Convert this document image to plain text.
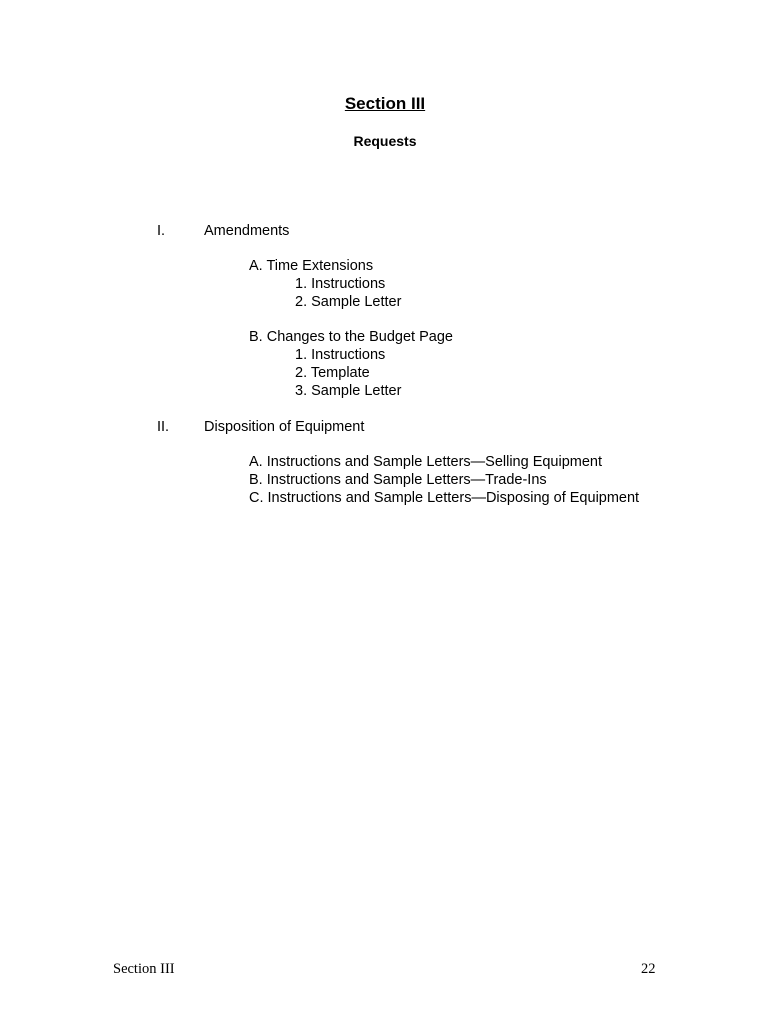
Section III
Requests
I.	Amendments
A. Time Extensions
1. Instructions
2. Sample Letter
B. Changes to the Budget Page
1. Instructions
2. Template
3. Sample Letter
II. Disposition of Equipment
A. Instructions and Sample Letters—Selling Equipment
B. Instructions and Sample Letters—Trade-Ins
C. Instructions and Sample Letters—Disposing of Equipment
Section III	22
